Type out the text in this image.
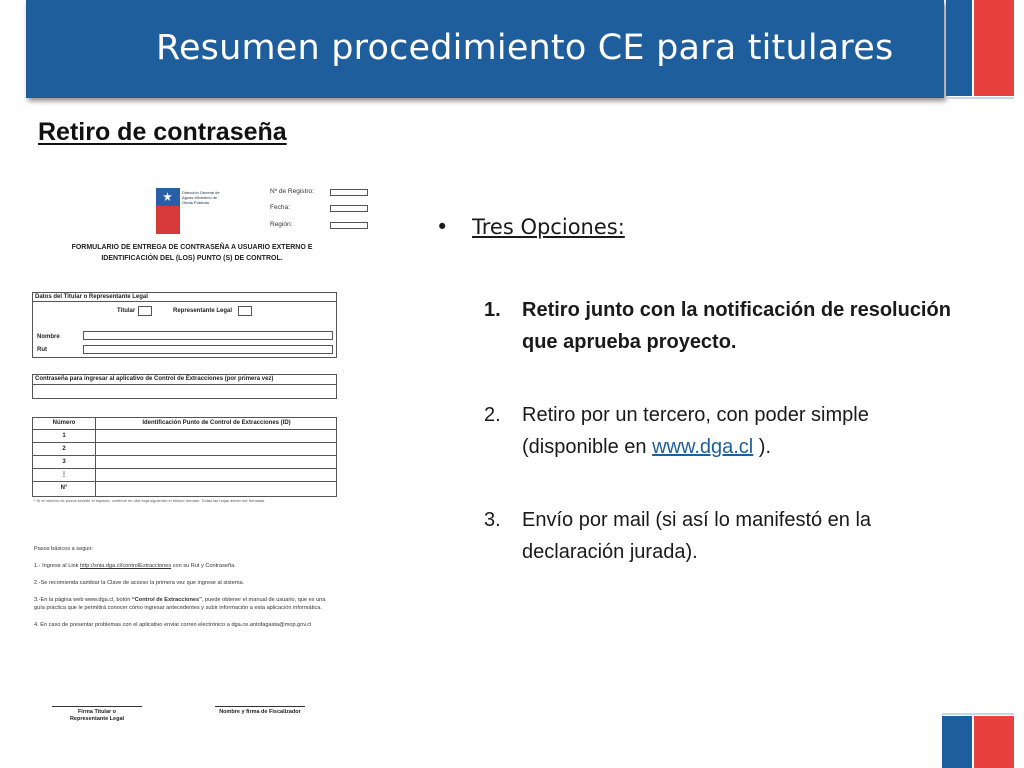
Resumen procedimiento CE para titulares
Retiro de contraseña
Dirección General de Aguas Ministerio de Obras Públicas
Nº de Registro:
Fecha:
Región:
FORMULARIO DE ENTREGA DE CONTRASEÑA A USUARIO EXTERNO E
IDENTIFICACIÓN DEL (LOS) PUNTO (S) DE CONTROL.
Datos del Titular o Representante Legal
Titular	Representante Legal
Nombre
Rut
Contraseña para ingresar al aplicativo de Control de Extracciones (por primera vez)
Número	Identificación Punto de Control de Extracciones (ID)
1
2
3
⋮
N°
* Si el número de pozos excede el espacio, continúe en otra hoja siguiendo el mismo formato. Todas las hojas deben ser firmadas.

Pasos básicos a seguir:

1.- Ingrese al Link http://snia.dga.cl/controlExtracciones con su Rut y Contraseña.

2.-Se recomienda cambiar la Clave de acceso la primera vez que ingrese al sistema.

3.-En la página web www.dga.cl, botón “Control de Extracciones”, puede obtener el manual de usuario, que es una guía práctica que le permitirá conocer cómo ingresar antecedentes y subir información a esta aplicación informática.

4. En caso de presentar problemas con el aplicativo enviar correo electrónico a dga.ce.antofagasta@mop.gov.cl

Firma Titular o
Representante Legal
Nombre y firma de Fiscalizador
• Tres Opciones:
1. Retiro junto con la notificación de resolución que aprueba proyecto.
2. Retiro por un tercero, con poder simple (disponible en www.dga.cl ).
3. Envío por mail (si así lo manifestó en la declaración jurada).
